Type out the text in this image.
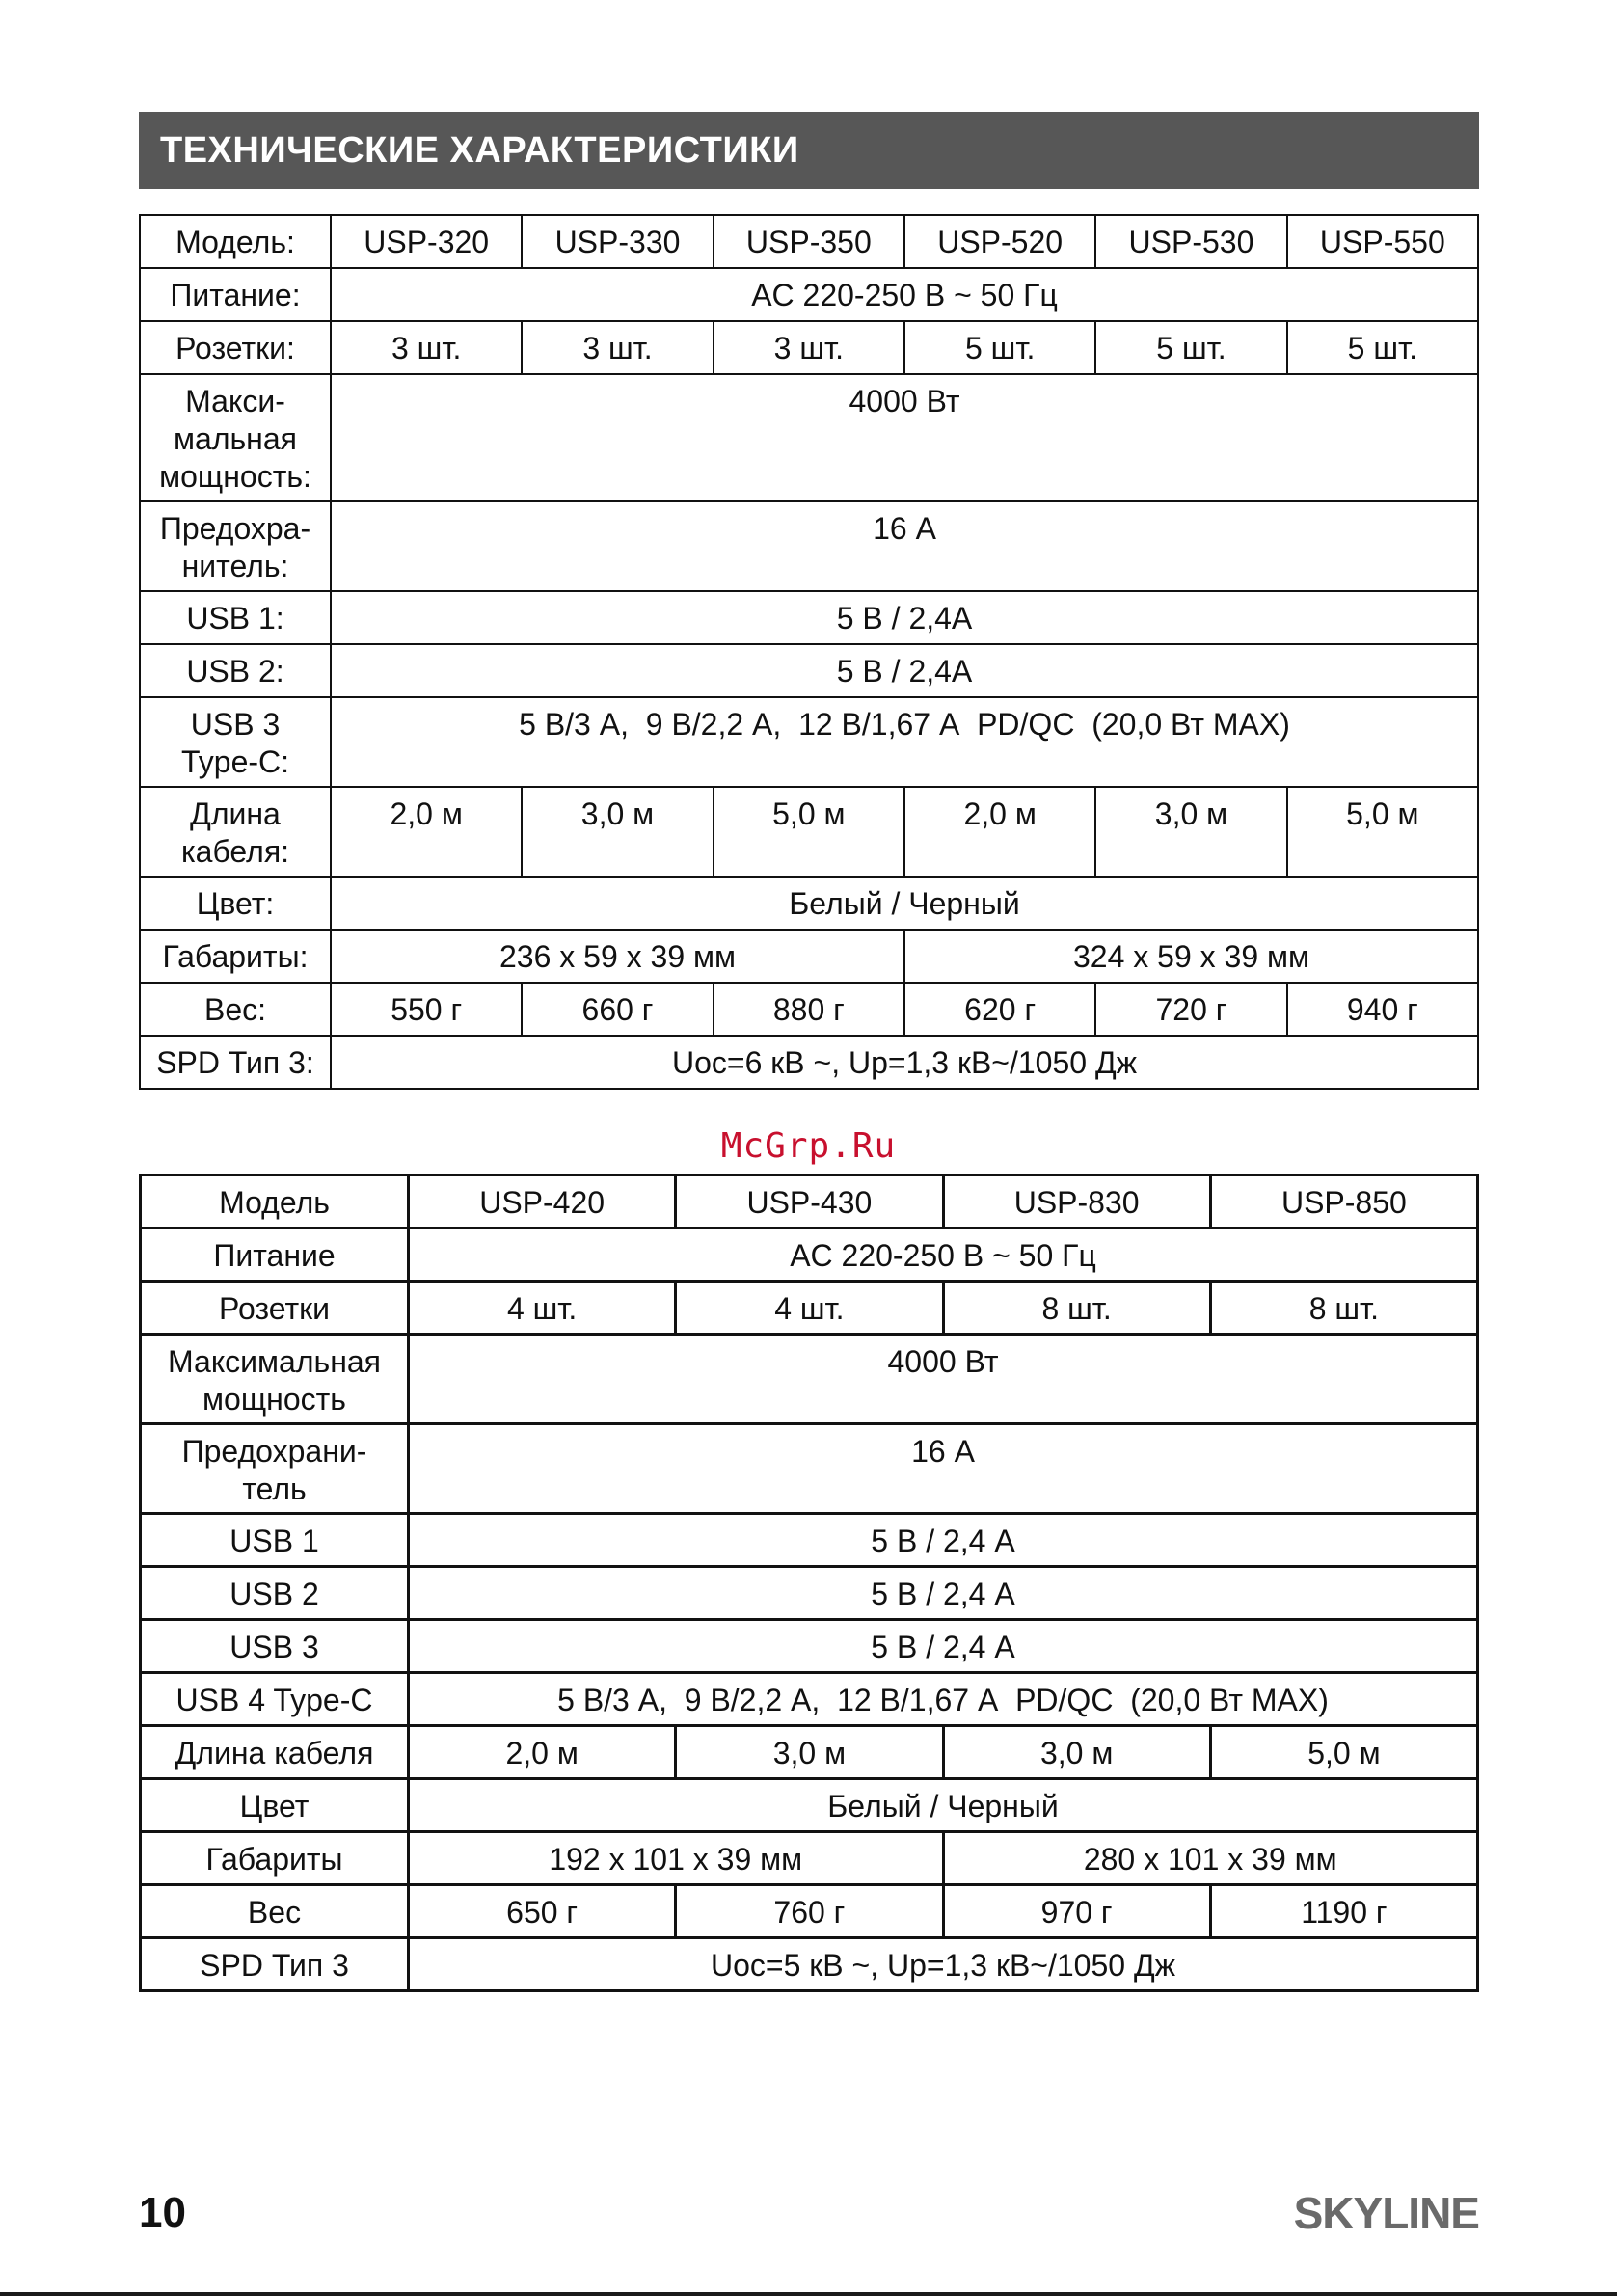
ТЕХНИЧЕСКИЕ ХАРАКТЕРИСТИКИ
Модель:	USP-320	USP-330	USP-350	USP-520	USP-530	USP-550
Питание:	AC 220-250 B ~ 50 Гц					
Розетки:	3 шт.	3 шт.	3 шт.	5 шт.	5 шт.	5 шт.
Макси-
мальная
мощность:	4000 Вт					
Предохра-
нитель:	16 А					
USB 1:	5 В / 2,4А					
USB 2:	5 В / 2,4А					
USB 3
Type-C:	5 В/3 А,  9 В/2,2 А,  12 В/1,67 А  PD/QC  (20,0 Вт MAX)					
Длина
кабеля:	2,0 м	3,0 м	5,0 м	2,0 м	3,0 м	5,0 м
Цвет:	Белый / Черный					
Габариты:	236 х 59 х 39 мм			324 х 59 х 39 мм		
Вес:	550 г	660 г	880 г	620 г	720 г	940 г
SPD Тип 3:	Uoc=6 кВ ~, Up=1,3 кВ~/1050 Дж					
McGrp.Ru
Модель	USP-420	USP-430	USP-830	USP-850
Питание	AC 220-250 B ~ 50 Гц			
Розетки	4 шт.	4 шт.	8 шт.	8 шт.
Максимальная
мощность	4000 Вт			
Предохрани-
тель	16 А			
USB 1	5 В / 2,4 А			
USB 2	5 В / 2,4 А			
USB 3	5 В / 2,4 А			
USB 4 Type-C	5 В/3 А,  9 В/2,2 А,  12 В/1,67 А  PD/QC  (20,0 Вт MAX)			
Длина кабеля	2,0 м	3,0 м	3,0 м	5,0 м
Цвет	Белый / Черный			
Габариты	192 х 101 х 39 мм		280 х 101 х 39 мм	
Вес	650 г	760 г	970 г	1190 г
SPD Тип 3	Uoc=5 кВ ~, Up=1,3 кВ~/1050 Дж			
10	SKYLINE
